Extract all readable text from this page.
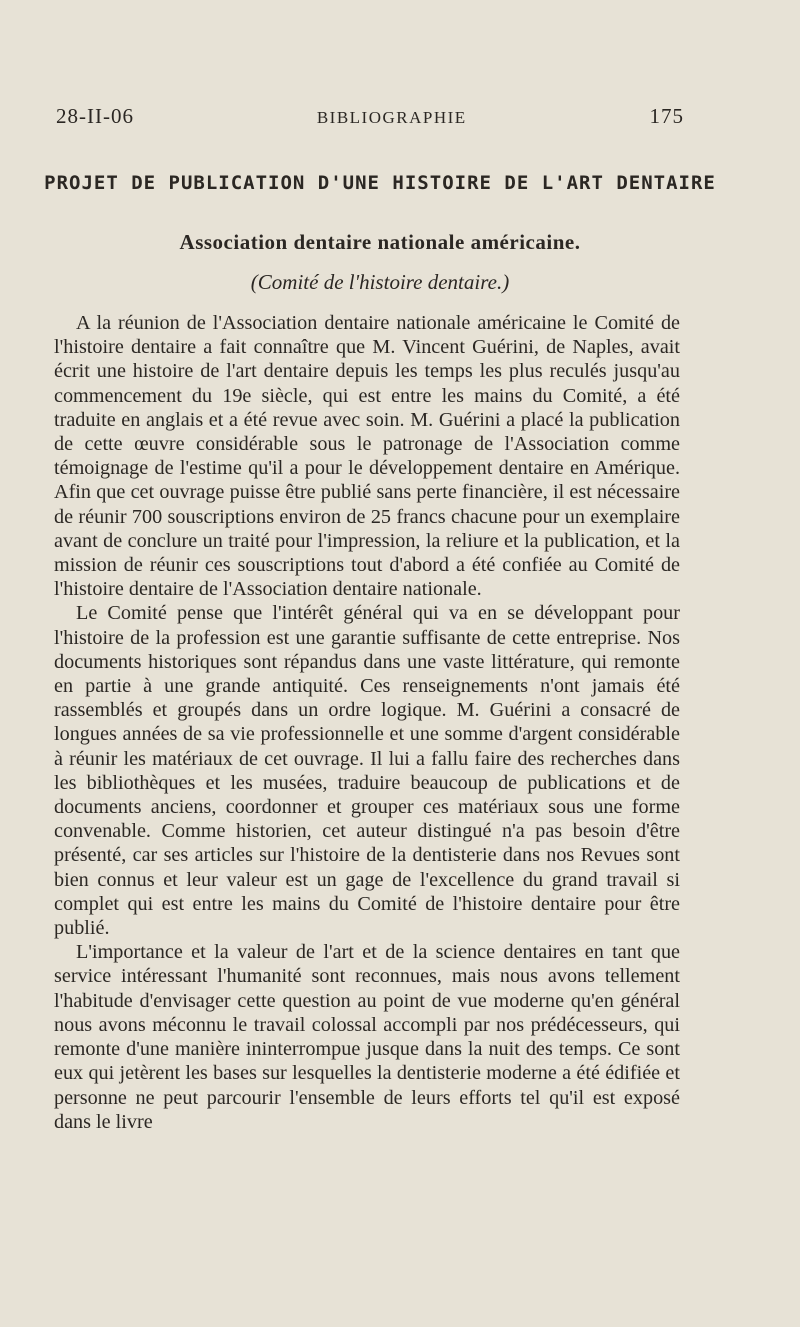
28-II-06	BIBLIOGRAPHIE	175
PROJET DE PUBLICATION D'UNE HISTOIRE DE L'ART DENTAIRE
Association dentaire nationale américaine.
(Comité de l'histoire dentaire.)

A la réunion de l'Association dentaire nationale américaine le Comité de l'histoire dentaire a fait connaître que M. Vincent Guérini, de Naples, avait écrit une histoire de l'art dentaire depuis les temps les plus reculés jusqu'au commencement du 19e siècle, qui est entre les mains du Comité, a été traduite en anglais et a été revue avec soin. M. Guérini a placé la publication de cette œuvre considérable sous le patronage de l'Association comme témoignage de l'estime qu'il a pour le développement dentaire en Amérique. Afin que cet ouvrage puisse être publié sans perte financière, il est nécessaire de réunir 700 souscriptions environ de 25 francs chacune pour un exemplaire avant de conclure un traité pour l'impression, la reliure et la publication, et la mission de réunir ces souscriptions tout d'abord a été confiée au Comité de l'histoire dentaire de l'Association dentaire nationale.

Le Comité pense que l'intérêt général qui va en se développant pour l'histoire de la profession est une garantie suffisante de cette entreprise. Nos documents historiques sont répandus dans une vaste littérature, qui remonte en partie à une grande antiquité. Ces renseignements n'ont jamais été rassemblés et groupés dans un ordre logique. M. Guérini a consacré de longues années de sa vie professionnelle et une somme d'argent considérable à réunir les matériaux de cet ouvrage. Il lui a fallu faire des recherches dans les bibliothèques et les musées, traduire beaucoup de publications et de documents anciens, coordonner et grouper ces matériaux sous une forme convenable. Comme historien, cet auteur distingué n'a pas besoin d'être présenté, car ses articles sur l'histoire de la dentisterie dans nos Revues sont bien connus et leur valeur est un gage de l'excellence du grand travail si complet qui est entre les mains du Comité de l'histoire dentaire pour être publié.

L'importance et la valeur de l'art et de la science dentaires en tant que service intéressant l'humanité sont reconnues, mais nous avons tellement l'habitude d'envisager cette question au point de vue moderne qu'en général nous avons méconnu le travail colossal accompli par nos prédécesseurs, qui remonte d'une manière ininterrompue jusque dans la nuit des temps. Ce sont eux qui jetèrent les bases sur lesquelles la dentisterie moderne a été édifiée et personne ne peut parcourir l'ensemble de leurs efforts tel qu'il est exposé dans le livre
